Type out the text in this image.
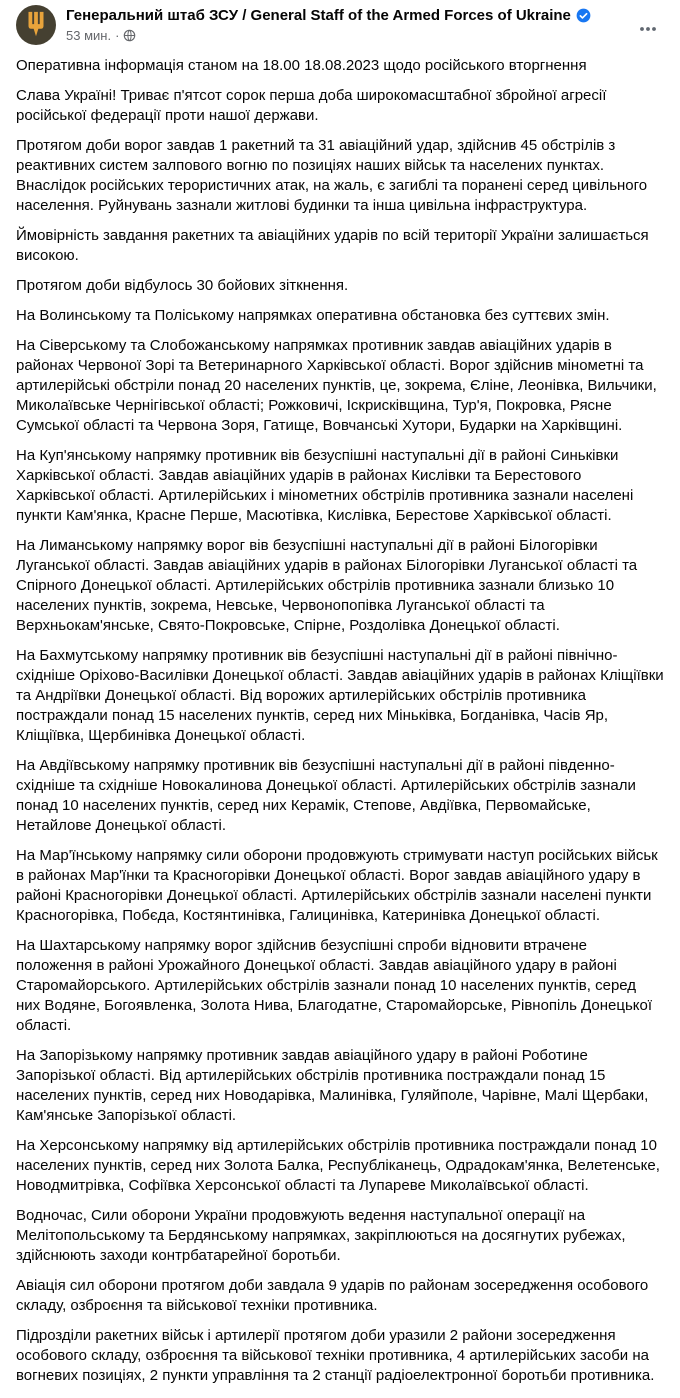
Генеральний штаб ЗСУ / General Staff of the Armed Forces of Ukraine
53 мин. ·

Оперативна інформація станом на 18.00 18.08.2023 щодо російського вторгнення

Слава Україні! Триває п'ятсот сорок перша доба широкомасштабної збройної агресії російської федерації проти нашої держави.

Протягом доби ворог завдав 1 ракетний та 31 авіаційний удар, здійснив 45 обстрілів з реактивних систем залпового вогню по позиціях наших військ та населених пунктах. Внаслідок російських терористичних атак, на жаль, є загиблі та поранені серед цивільного населення. Руйнувань зазнали житлові будинки та інша цивільна інфраструктура.

Ймовірність завдання ракетних та авіаційних ударів по всій території України залишається високою.

Протягом доби відбулось 30 бойових зіткнення.

На Волинському та Поліському напрямках оперативна обстановка без суттєвих змін.

На Сіверському та Слобожанському напрямках противник завдав авіаційних ударів в районах Червоної Зорі та Ветеринарного Харківської області. Ворог здійснив мінометні та артилерійські обстріли понад 20 населених пунктів, це, зокрема, Єліне, Леонівка, Вильчики, Миколаївське Чернігівської області; Рожковичі, Іскрисківщина, Тур'я, Покровка, Рясне Сумської області та Червона Зоря, Гатище, Вовчанські Хутори, Бударки на Харківщині.

На Куп'янському напрямку противник вів безуспішні наступальні дії в районі Синьківки Харківської області. Завдав авіаційних ударів в районах Кислівки та Берестового Харківської області. Артилерійських і мінометних обстрілів противника зазнали населені пункти Кам'янка, Красне Перше, Масютівка, Кислівка, Берестове Харківської області.

На Лиманському напрямку ворог вів безуспішні наступальні дії в районі Білогорівки Луганської області. Завдав авіаційних ударів в районах Білогорівки Луганської області та Спірного Донецької області. Артилерійських обстрілів противника зазнали близько 10 населених пунктів, зокрема, Невське, Червонопопівка Луганської області та Верхньокам'янське, Свято-Покровське, Спірне, Роздолівка Донецької області.

На Бахмутському напрямку противник вів безуспішні наступальні дії в районі північно-східніше Оріхово-Василівки Донецької області. Завдав авіаційних ударів в районах Кліщіївки та Андріївки Донецької області. Від ворожих артилерійських обстрілів противника постраждали понад 15 населених пунктів, серед них Міньківка, Богданівка, Часів Яр, Кліщіївка, Щербинівка Донецької області.

На Авдіївському напрямку противник вів безуспішні наступальні дії в районі південно-східніше та східніше Новокалинова Донецької області. Артилерійських обстрілів зазнали понад 10 населених пунктів, серед них Керамік, Степове, Авдіївка, Первомайське, Нетайлове Донецької області.

На Мар'їнському напрямку сили оборони продовжують стримувати наступ російських військ в районах Мар'їнки та Красногорівки Донецької області. Ворог завдав авіаційного удару в районі Красногорівки Донецької області. Артилерійських обстрілів зазнали населені пункти Красногорівка, Побєда, Костянтинівка, Галицинівка, Катеринівка Донецької області.

На Шахтарському напрямку ворог здійснив безуспішні спроби відновити втрачене положення в районі Урожайного Донецької області. Завдав авіаційного удару в районі Старомайорського. Артилерійських обстрілів зазнали понад 10 населених пунктів, серед них Водяне, Богоявленка, Золота Нива, Благодатне, Старомайорське, Рівнопіль Донецької області.

На Запорізькому напрямку противник завдав авіаційного удару в районі Роботине Запорізької області. Від артилерійських обстрілів противника постраждали понад 15 населених пунктів, серед них Новодарівка, Малинівка, Гуляйполе, Чарівне, Малі Щербаки, Кам'янське Запорізької області.

На Херсонському напрямку від артилерійських обстрілів противника постраждали понад 10 населених пунктів, серед них Золота Балка, Республіканець, Одрадокам'янка, Велетенське, Новодмитрівка, Софіївка Херсонської області та Лупареве Миколаївської області.

Водночас, Сили оборони України продовжують ведення наступальної операції на Мелітопольському та Бердянському напрямках, закріплюються на досягнутих рубежах, здійснюють заходи контрбатарейної боротьби.

Авіація сил оборони протягом доби завдала 9 ударів по районам зосередження особового складу, озброєння та військової техніки противника.

Підрозділи ракетних військ і артилерії протягом доби уразили 2 райони зосередження особового складу, озброєння та військової техніки противника, 4 артилерійських засоби на вогневих позиціях, 2 пункти управління та 2 станції радіоелектронної боротьби противника.
